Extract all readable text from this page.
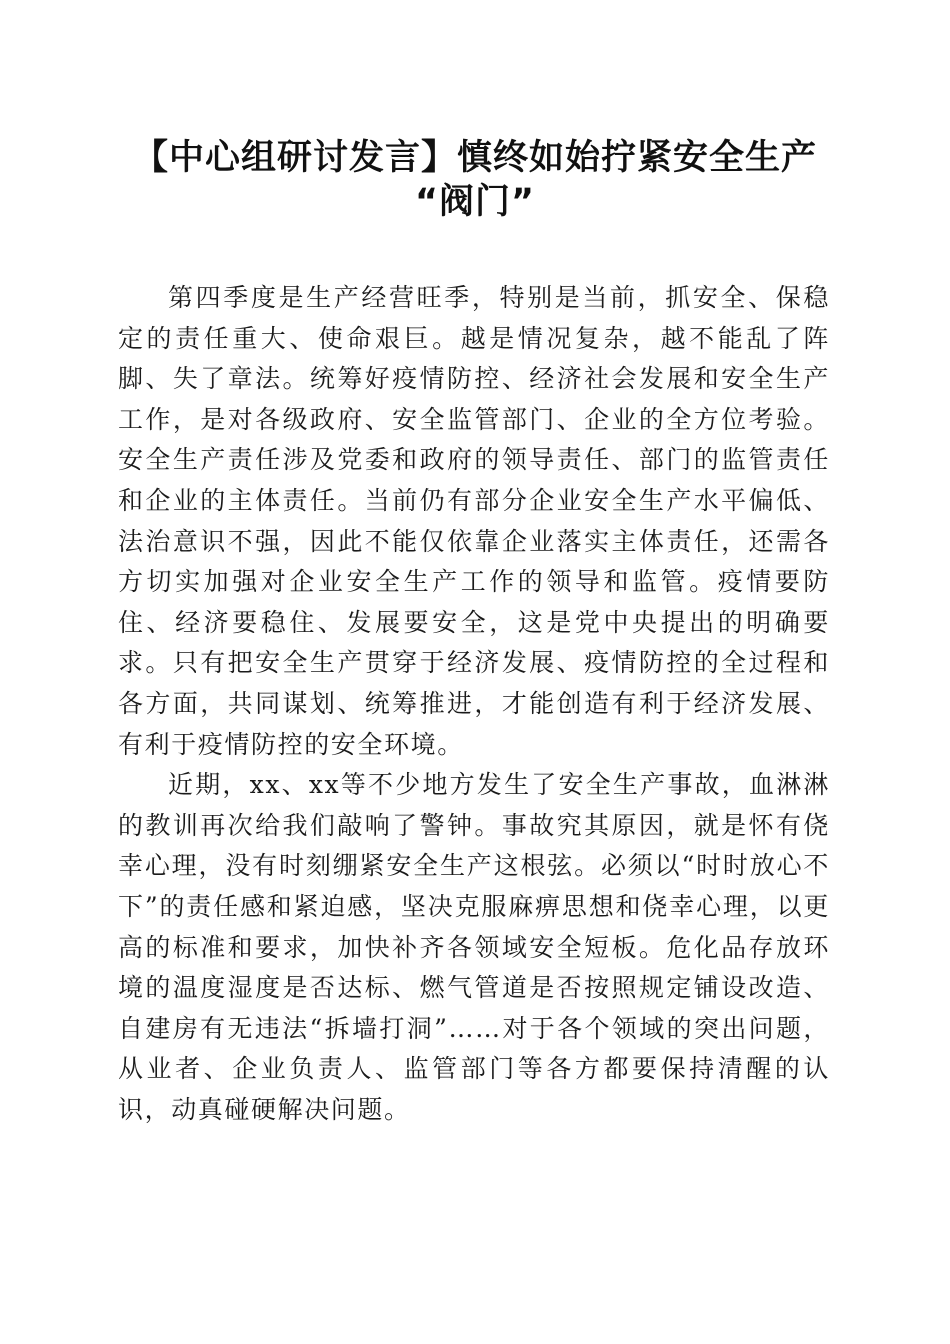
【中心组研讨发言】慎终如始拧紧安全生产
“阀门”

第四季度是生产经营旺季，特别是当前，抓安全、保稳定的责任重大、使命艰巨。越是情况复杂，越不能乱了阵脚、失了章法。统筹好疫情防控、经济社会发展和安全生产工作，是对各级政府、安全监管部门、企业的全方位考验。安全生产责任涉及党委和政府的领导责任、部门的监管责任和企业的主体责任。当前仍有部分企业安全生产水平偏低、法治意识不强，因此不能仅依靠企业落实主体责任，还需各方切实加强对企业安全生产工作的领导和监管。疫情要防住、经济要稳住、发展要安全，这是党中央提出的明确要求。只有把安全生产贯穿于经济发展、疫情防控的全过程和各方面，共同谋划、统筹推进，才能创造有利于经济发展、有利于疫情防控的安全环境。

近期，xx、xx等不少地方发生了安全生产事故，血淋淋的教训再次给我们敲响了警钟。事故究其原因，就是怀有侥幸心理，没有时刻绷紧安全生产这根弦。必须以“时时放心不下”的责任感和紧迫感，坚决克服麻痹思想和侥幸心理，以更高的标准和要求，加快补齐各领域安全短板。危化品存放环境的温度湿度是否达标、燃气管道是否按照规定铺设改造、自建房有无违法“拆墙打洞”……对于各个领域的突出问题，从业者、企业负责人、监管部门等各方都要保持清醒的认识，动真碰硬解决问题。
